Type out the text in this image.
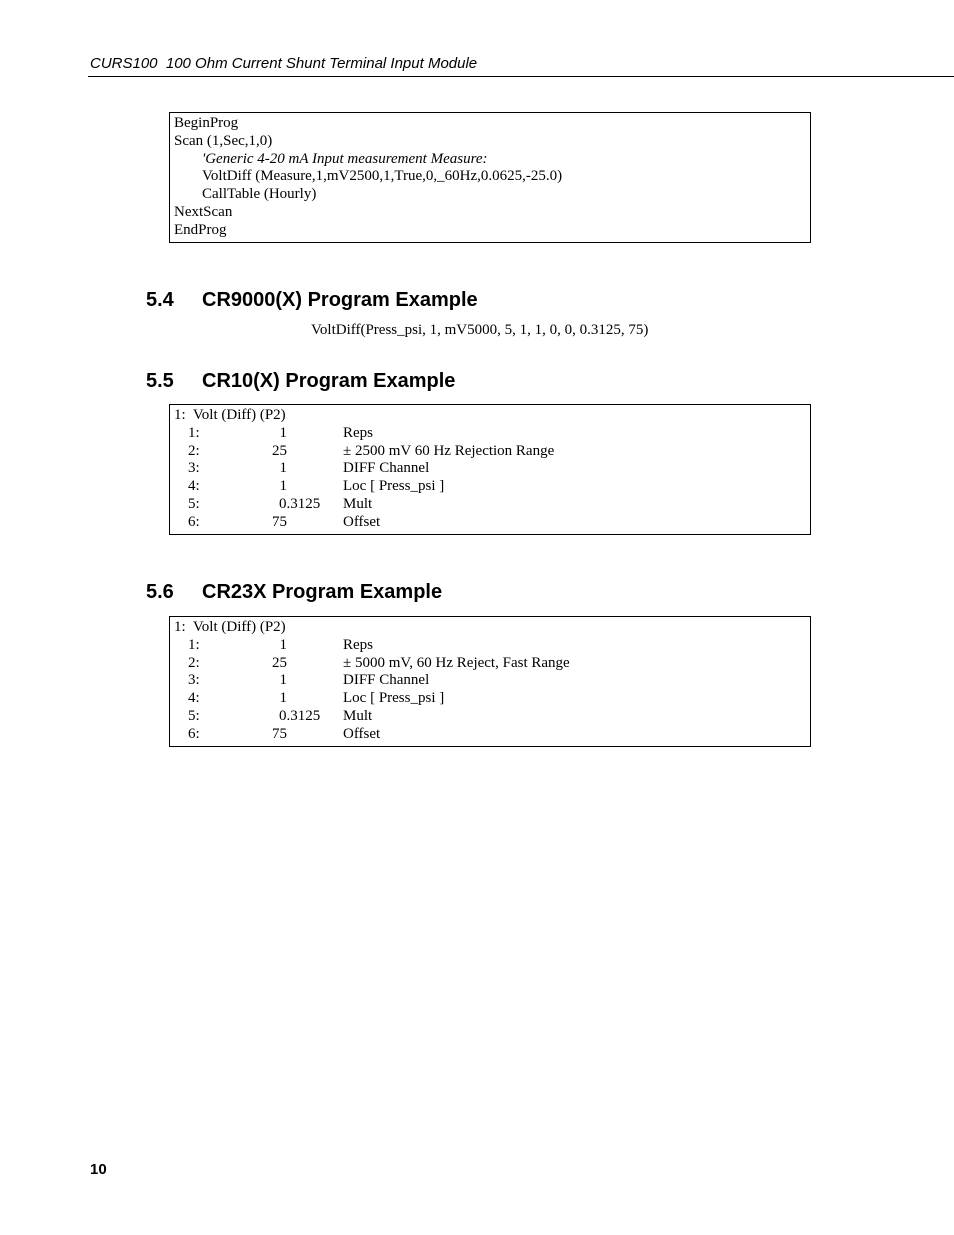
CURS100  100 Ohm Current Shunt Terminal Input Module
BeginProg
Scan (1,Sec,1,0)
'Generic 4-20 mA Input measurement Measure:
VoltDiff (Measure,1,mV2500,1,True,0,_60Hz,0.0625,-25.0)
CallTable (Hourly)
NextScan
EndProg
5.4 CR9000(X) Program Example
VoltDiff(Press_psi, 1, mV5000, 5, 1, 1, 0, 0, 0.3125, 75)
5.5 CR10(X) Program Example
1:  Volt (Diff) (P2)
1:	1	Reps
2:	25	± 2500 mV 60 Hz Rejection Range
3:	1	DIFF Channel
4:	1	Loc [ Press_psi ]
5:	0.3125 Mult
6:	75	Offset
5.6 CR23X Program Example
1:  Volt (Diff) (P2)
1:	1	Reps
2:	25	± 5000 mV, 60 Hz Reject, Fast Range
3:	1	DIFF Channel
4:	1	Loc [ Press_psi ]
5:	0.3125 Mult
6:	75	Offset
10
